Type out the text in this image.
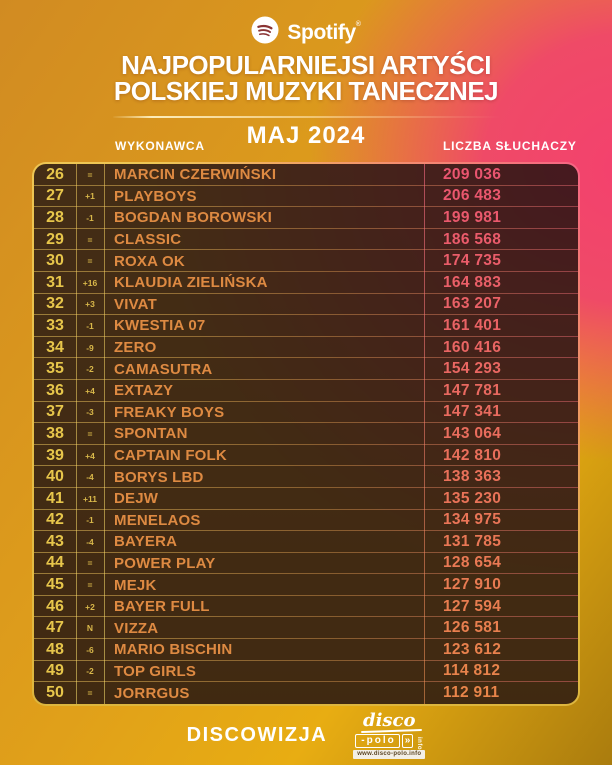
Spotify®
NAJPOPULARNIEJSI ARTYŚCI
POLSKIEJ MUZYKI TANECZNEJ
MAJ 2024
WYKONAWCA	LICZBA SŁUCHACZY
26	=	MARCIN CZERWIŃSKI	209 036
27	+1	PLAYBOYS	206 483
28	-1	BOGDAN BOROWSKI	199 981
29	=	CLASSIC	186 568
30	=	ROXA OK	174 735
31	+16	KLAUDIA ZIELIŃSKA	164 883
32	+3	VIVAT	163 207
33	-1	KWESTIA 07	161 401
34	-9	ZERO	160 416
35	-2	CAMASUTRA	154 293
36	+4	EXTAZY	147 781
37	-3	FREAKY BOYS	147 341
38	=	SPONTAN	143 064
39	+4	CAPTAIN FOLK	142 810
40	-4	BORYS LBD	138 363
41	+11	DEJW	135 230
42	-1	MENELAOS	134 975
43	-4	BAYERA	131 785
44	=	POWER PLAY	128 654
45	=	MEJK	127 910
46	+2	BAYER FULL	127 594
47	N	VIZZA	126 581
48	-6	MARIO BISCHIN	123 612
49	-2	TOP GIRLS	114 812
50	=	JORRGUS	112 911
DISCOWIZJA
disco
-polo »	info
www.disco-polo.info
